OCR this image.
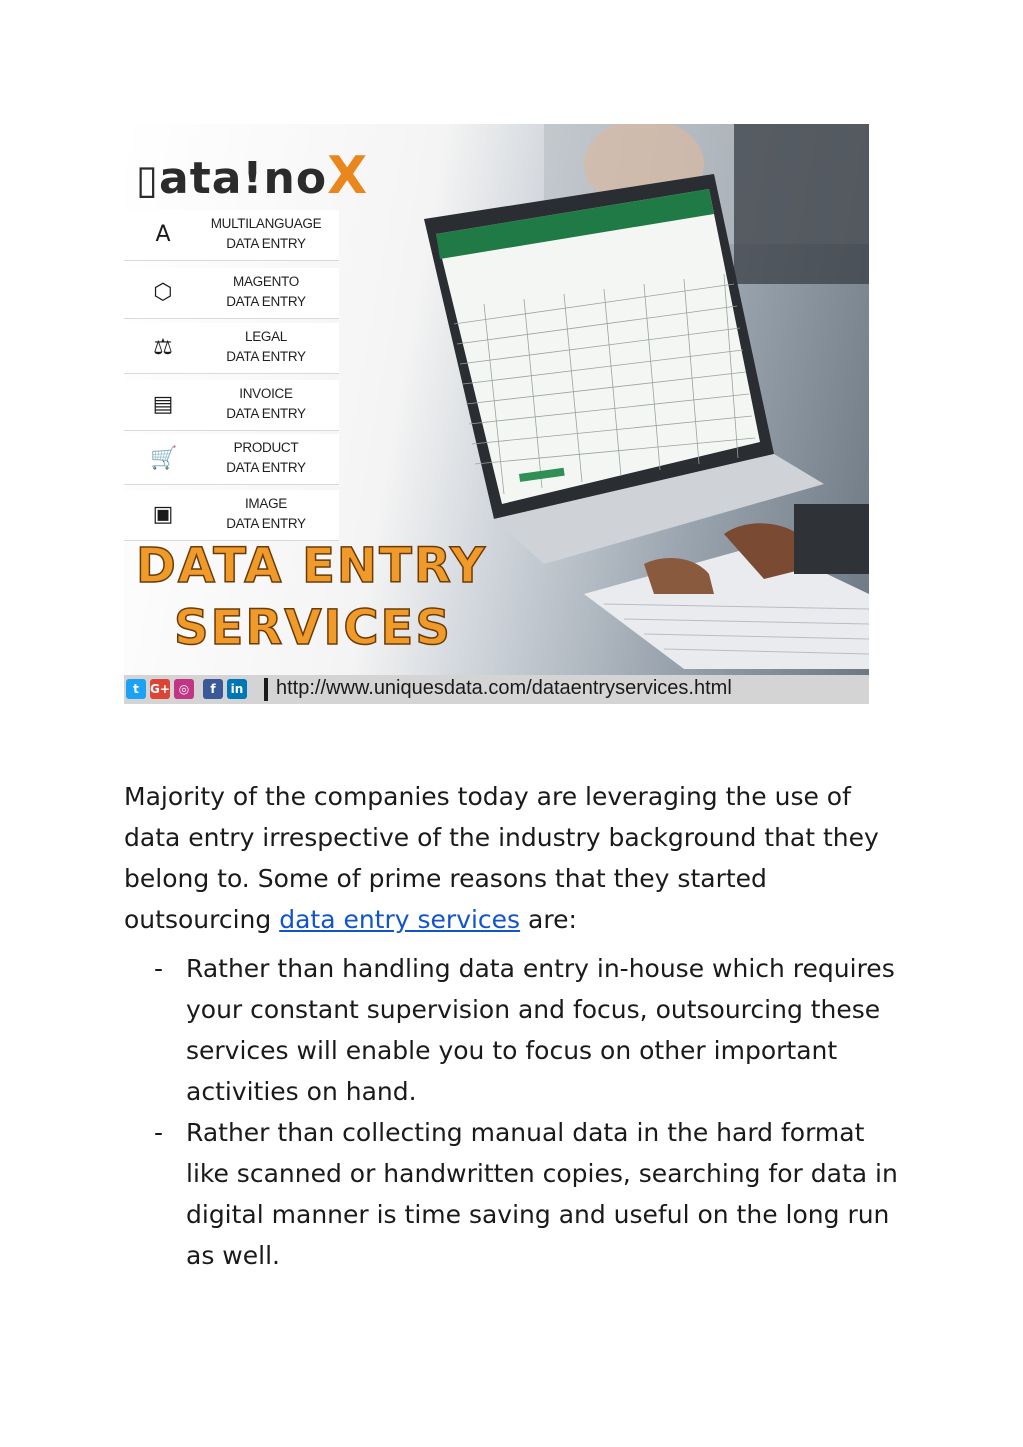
▯ata!noX
A	MULTILANGUAGE
DATA ENTRY
⬡	MAGENTO
DATA ENTRY
⚖	LEGAL
DATA ENTRY
▤	INVOICE
DATA ENTRY
🛒	PRODUCT
DATA ENTRY
▣	IMAGE
DATA ENTRY
DATA ENTRY
SERVICES
t G+ ◎	f	in http://www.uniquesdata.com/dataentryservices.html

Majority of the companies today are leveraging the use of data entry irrespective of the industry background that they belong to. Some of prime reasons that they started outsourcing data entry services are:

- Rather than handling data entry in-house which requires your constant supervision and focus, outsourcing these services will enable you to focus on other important activities on hand.
- Rather than collecting manual data in the hard format like scanned or handwritten copies, searching for data in digital manner is time saving and useful on the long run as well.
